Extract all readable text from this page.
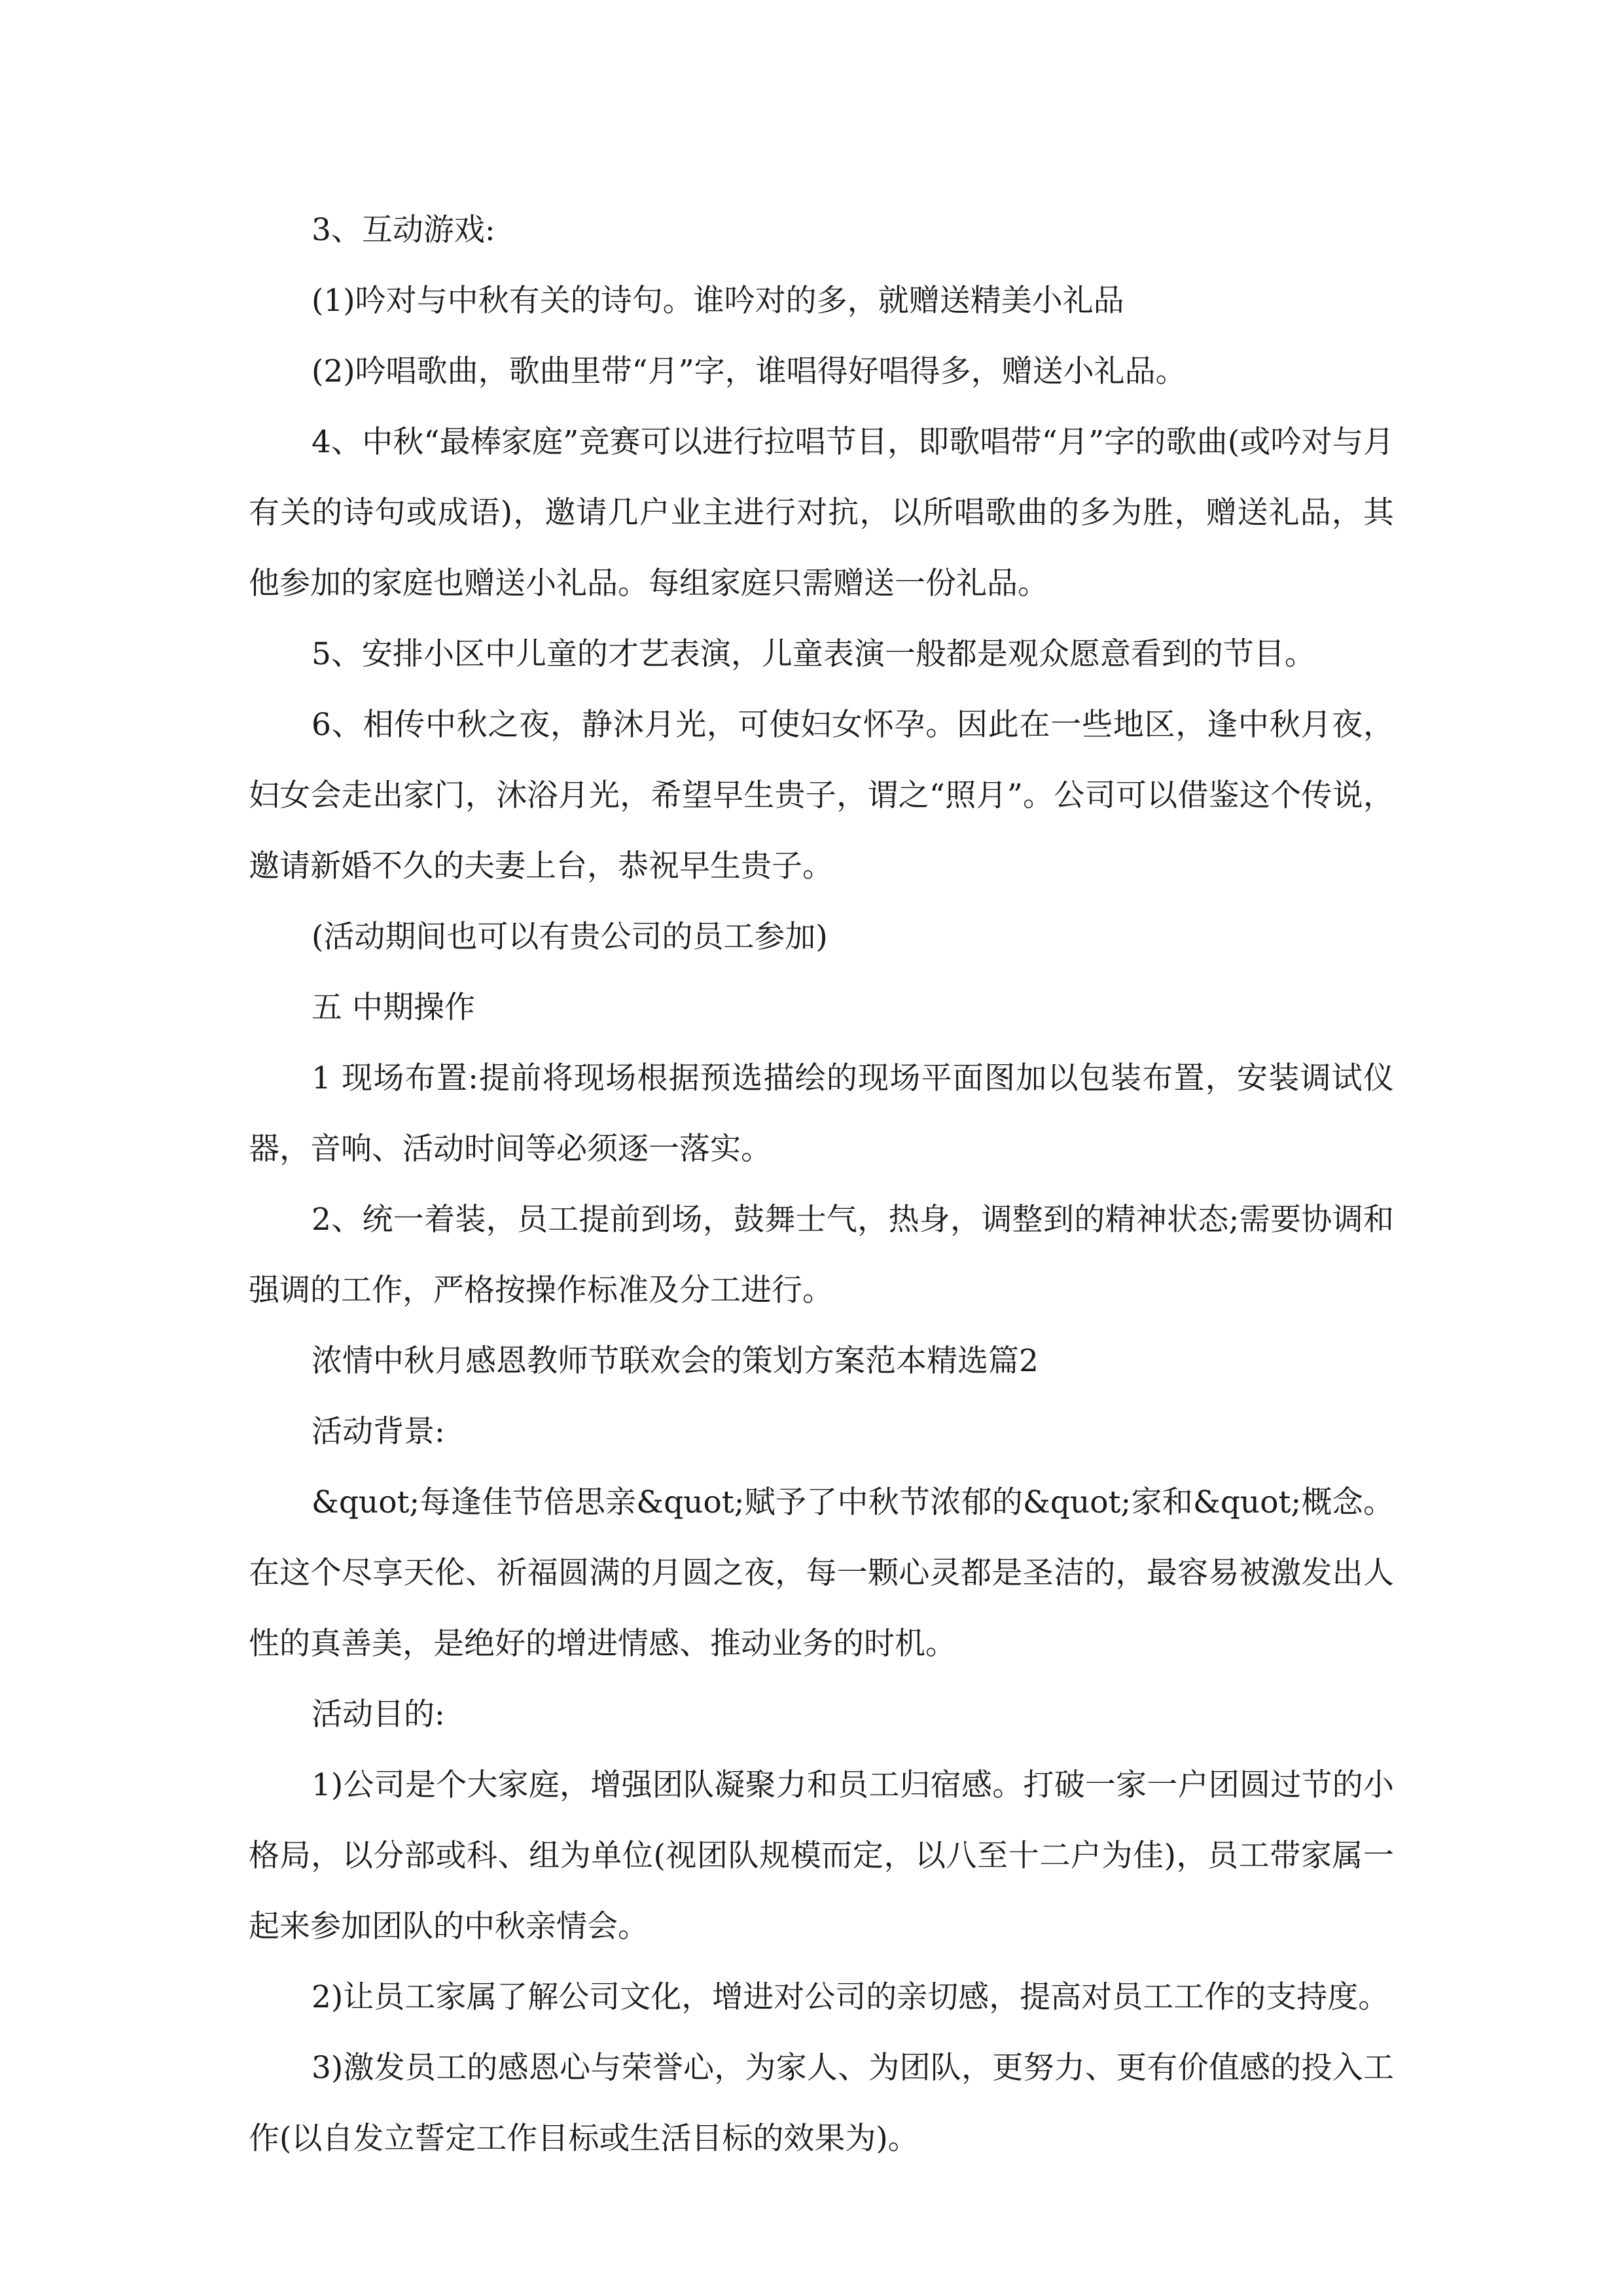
3、互动游戏:

(1)吟对与中秋有关的诗句。谁吟对的多，就赠送精美小礼品

(2)吟唱歌曲，歌曲里带“月”字，谁唱得好唱得多，赠送小礼品。

4、中秋“最棒家庭”竞赛可以进行拉唱节目，即歌唱带“月”字的歌曲(或吟对与月有关的诗句或成语)，邀请几户业主进行对抗，以所唱歌曲的多为胜，赠送礼品，其他参加的家庭也赠送小礼品。每组家庭只需赠送一份礼品。

5、安排小区中儿童的才艺表演，儿童表演一般都是观众愿意看到的节目。

6、相传中秋之夜，静沐月光，可使妇女怀孕。因此在一些地区，逢中秋月夜，妇女会走出家门，沐浴月光，希望早生贵子，谓之“照月”。公司可以借鉴这个传说，邀请新婚不久的夫妻上台，恭祝早生贵子。

(活动期间也可以有贵公司的员工参加)

五 中期操作

1 现场布置:提前将现场根据预选描绘的现场平面图加以包装布置，安装调试仪器，音响、活动时间等必须逐一落实。

2、统一着装，员工提前到场，鼓舞士气，热身，调整到的精神状态;需要协调和强调的工作，严格按操作标准及分工进行。

浓情中秋月感恩教师节联欢会的策划方案范本精选篇2

活动背景:

&quot;每逢佳节倍思亲&quot;赋予了中秋节浓郁的&quot;家和&quot;概念。在这个尽享天伦、祈福圆满的月圆之夜，每一颗心灵都是圣洁的，最容易被激发出人性的真善美，是绝好的增进情感、推动业务的时机。

活动目的:

1)公司是个大家庭，增强团队凝聚力和员工归宿感。打破一家一户团圆过节的小格局，以分部或科、组为单位(视团队规模而定，以八至十二户为佳)，员工带家属一起来参加团队的中秋亲情会。

2)让员工家属了解公司文化，增进对公司的亲切感，提高对员工工作的支持度。

3)激发员工的感恩心与荣誉心，为家人、为团队，更努力、更有价值感的投入工作(以自发立誓定工作目标或生活目标的效果为)。
